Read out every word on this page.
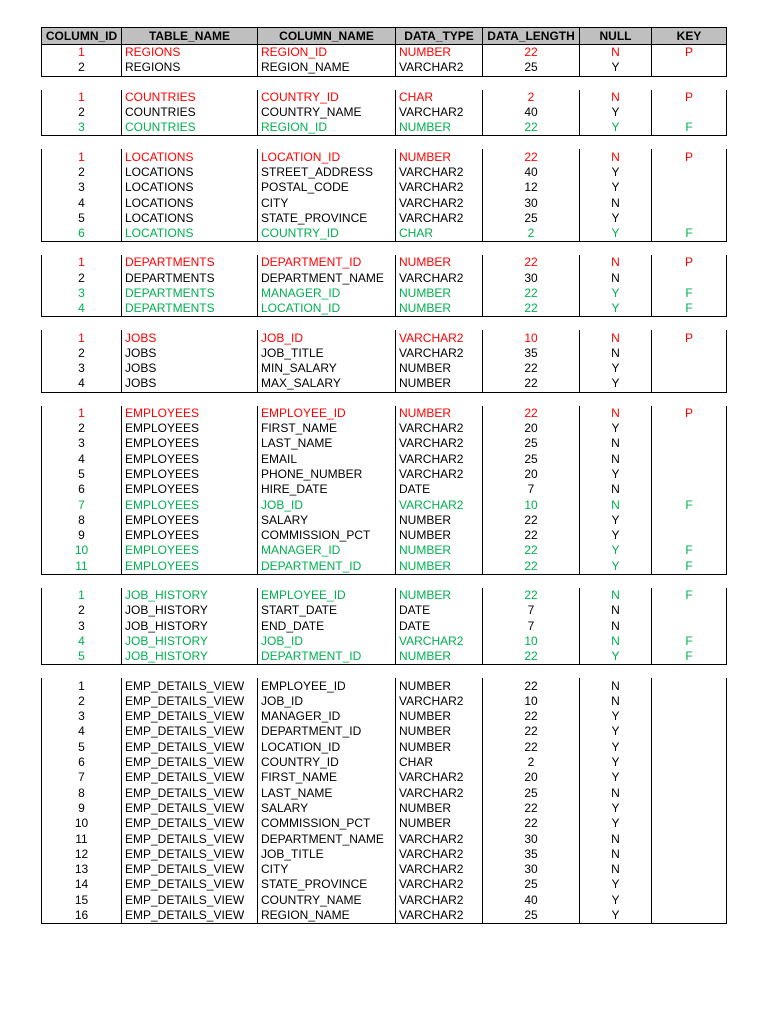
COLUMN_ID	TABLE_NAME	COLUMN_NAME	DATA_TYPE	DATA_LENGTH	NULL	KEY
1	REGIONS	REGION_ID	NUMBER	22	N	P
2	REGIONS	REGION_NAME	VARCHAR2	25	Y	
1	COUNTRIES	COUNTRY_ID	CHAR	2	N	P
2	COUNTRIES	COUNTRY_NAME	VARCHAR2	40	Y	
3	COUNTRIES	REGION_ID	NUMBER	22	Y	F
1	LOCATIONS	LOCATION_ID	NUMBER	22	N	P
2	LOCATIONS	STREET_ADDRESS	VARCHAR2	40	Y	
3	LOCATIONS	POSTAL_CODE	VARCHAR2	12	Y	
4	LOCATIONS	CITY	VARCHAR2	30	N	
5	LOCATIONS	STATE_PROVINCE	VARCHAR2	25	Y	
6	LOCATIONS	COUNTRY_ID	CHAR	2	Y	F
1	DEPARTMENTS	DEPARTMENT_ID	NUMBER	22	N	P
2	DEPARTMENTS	DEPARTMENT_NAME	VARCHAR2	30	N	
3	DEPARTMENTS	MANAGER_ID	NUMBER	22	Y	F
4	DEPARTMENTS	LOCATION_ID	NUMBER	22	Y	F
1	JOBS	JOB_ID	VARCHAR2	10	N	P
2	JOBS	JOB_TITLE	VARCHAR2	35	N	
3	JOBS	MIN_SALARY	NUMBER	22	Y	
4	JOBS	MAX_SALARY	NUMBER	22	Y	
1	EMPLOYEES	EMPLOYEE_ID	NUMBER	22	N	P
2	EMPLOYEES	FIRST_NAME	VARCHAR2	20	Y	
3	EMPLOYEES	LAST_NAME	VARCHAR2	25	N	
4	EMPLOYEES	EMAIL	VARCHAR2	25	N	
5	EMPLOYEES	PHONE_NUMBER	VARCHAR2	20	Y	
6	EMPLOYEES	HIRE_DATE	DATE	7	N	
7	EMPLOYEES	JOB_ID	VARCHAR2	10	N	F
8	EMPLOYEES	SALARY	NUMBER	22	Y	
9	EMPLOYEES	COMMISSION_PCT	NUMBER	22	Y	
10	EMPLOYEES	MANAGER_ID	NUMBER	22	Y	F
11	EMPLOYEES	DEPARTMENT_ID	NUMBER	22	Y	F
1	JOB_HISTORY	EMPLOYEE_ID	NUMBER	22	N	F
2	JOB_HISTORY	START_DATE	DATE	7	N	
3	JOB_HISTORY	END_DATE	DATE	7	N	
4	JOB_HISTORY	JOB_ID	VARCHAR2	10	N	F
5	JOB_HISTORY	DEPARTMENT_ID	NUMBER	22	Y	F
1	EMP_DETAILS_VIEW	EMPLOYEE_ID	NUMBER	22	N	
2	EMP_DETAILS_VIEW	JOB_ID	VARCHAR2	10	N	
3	EMP_DETAILS_VIEW	MANAGER_ID	NUMBER	22	Y	
4	EMP_DETAILS_VIEW	DEPARTMENT_ID	NUMBER	22	Y	
5	EMP_DETAILS_VIEW	LOCATION_ID	NUMBER	22	Y	
6	EMP_DETAILS_VIEW	COUNTRY_ID	CHAR	2	Y	
7	EMP_DETAILS_VIEW	FIRST_NAME	VARCHAR2	20	Y	
8	EMP_DETAILS_VIEW	LAST_NAME	VARCHAR2	25	N	
9	EMP_DETAILS_VIEW	SALARY	NUMBER	22	Y	
10	EMP_DETAILS_VIEW	COMMISSION_PCT	NUMBER	22	Y	
11	EMP_DETAILS_VIEW	DEPARTMENT_NAME	VARCHAR2	30	N	
12	EMP_DETAILS_VIEW	JOB_TITLE	VARCHAR2	35	N	
13	EMP_DETAILS_VIEW	CITY	VARCHAR2	30	N	
14	EMP_DETAILS_VIEW	STATE_PROVINCE	VARCHAR2	25	Y	
15	EMP_DETAILS_VIEW	COUNTRY_NAME	VARCHAR2	40	Y	
16	EMP_DETAILS_VIEW	REGION_NAME	VARCHAR2	25	Y	
